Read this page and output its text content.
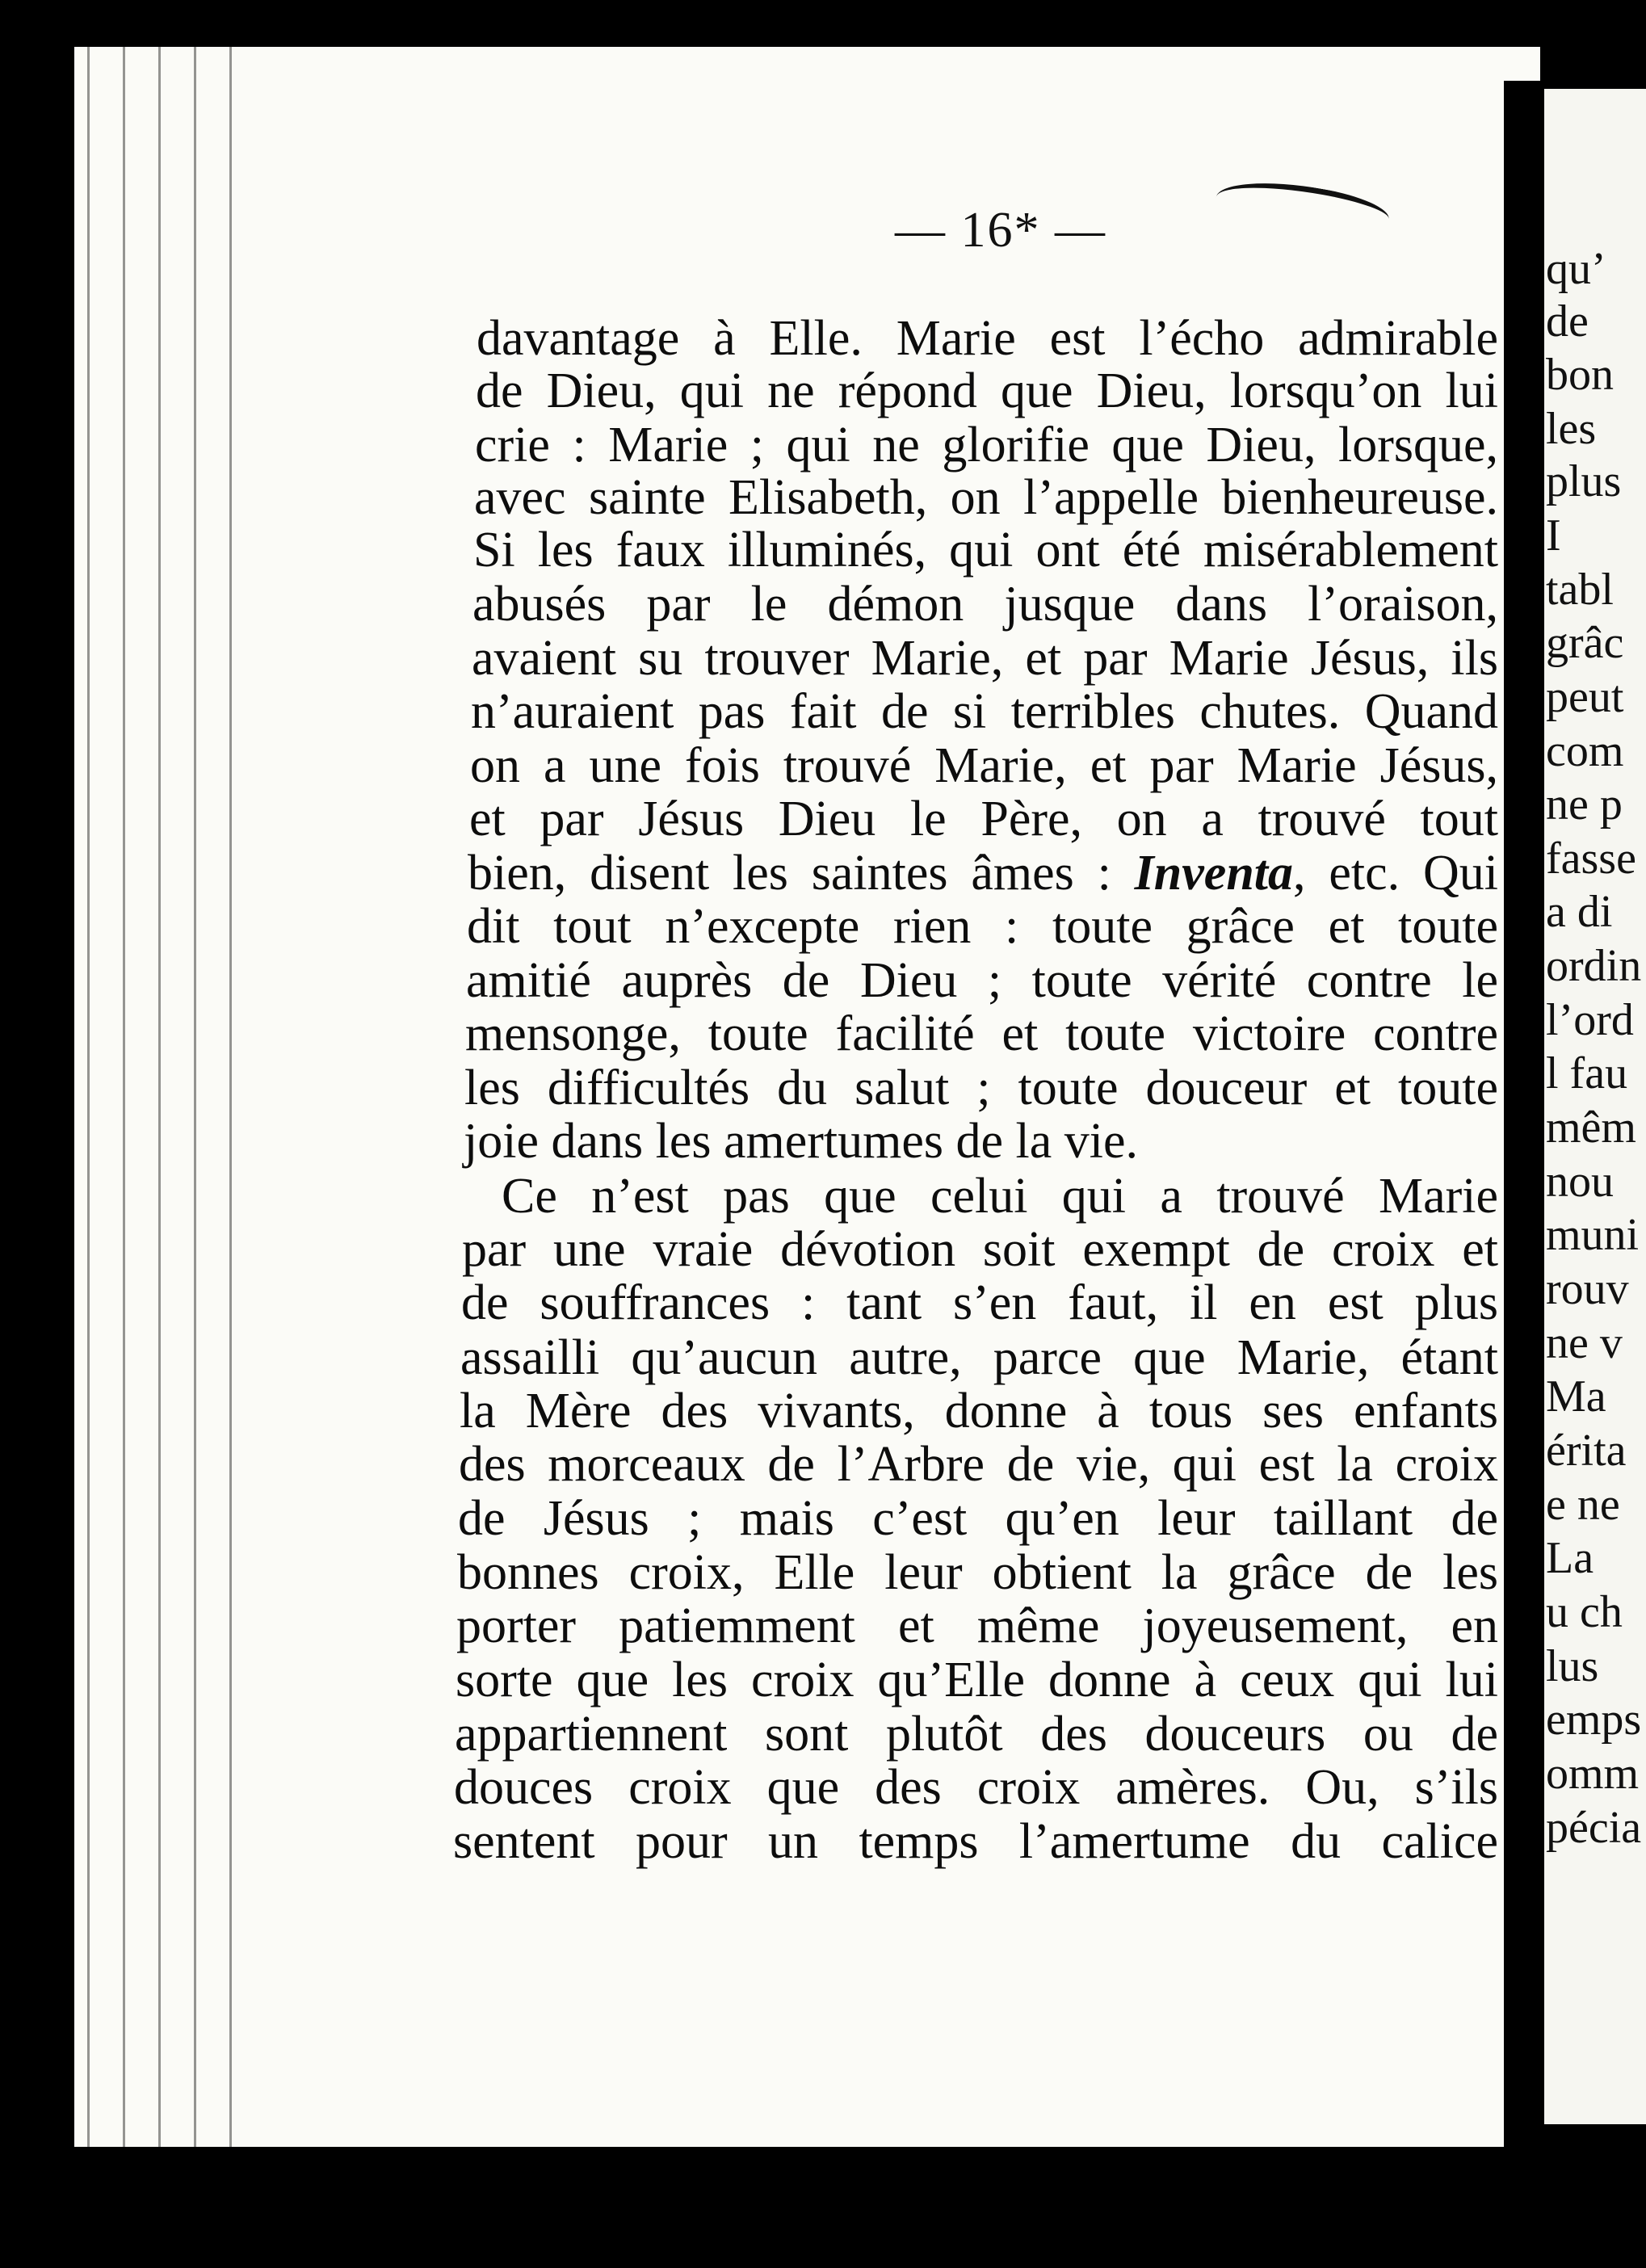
qu’
de
bon
les
plus
I
tabl
grâc
peut
com
ne p
fasse
a di
ordin
l’ord
l fau
mêm
nou
muni
rouv
ne v
Ma
érita
e ne
La
u ch
lus
emps
omm
pécia
— 16* —
davantage à Elle. Marie est l’écho admirable
de Dieu, qui ne répond que Dieu, lorsqu’on lui
crie : Marie ; qui ne glorifie que Dieu, lorsque,
avec sainte Elisabeth, on l’appelle bienheureuse.
Si les faux illuminés, qui ont été misérablement
abusés par le démon jusque dans l’oraison,
avaient su trouver Marie, et par Marie Jésus, ils
n’auraient pas fait de si terribles chutes. Quand
on a une fois trouvé Marie, et par Marie Jésus,
et par Jésus Dieu le Père, on a trouvé tout
bien, disent les saintes âmes : Inventa, etc. Qui
dit tout n’excepte rien : toute grâce et toute
amitié auprès de Dieu ; toute vérité contre le
mensonge, toute facilité et toute victoire contre
les difficultés du salut ; toute douceur et toute
joie dans les amertumes de la vie.
Ce n’est pas que celui qui a trouvé Marie
par une vraie dévotion soit exempt de croix et
de souffrances : tant s’en faut, il en est plus
assailli qu’aucun autre, parce que Marie, étant
la Mère des vivants, donne à tous ses enfants
des morceaux de l’Arbre de vie, qui est la croix
de Jésus ; mais c’est qu’en leur taillant de
bonnes croix, Elle leur obtient la grâce de les
porter patiemment et même joyeusement, en
sorte que les croix qu’Elle donne à ceux qui lui
appartiennent sont plutôt des douceurs ou de
douces croix que des croix amères. Ou, s’ils
sentent pour un temps l’amertume du calice
